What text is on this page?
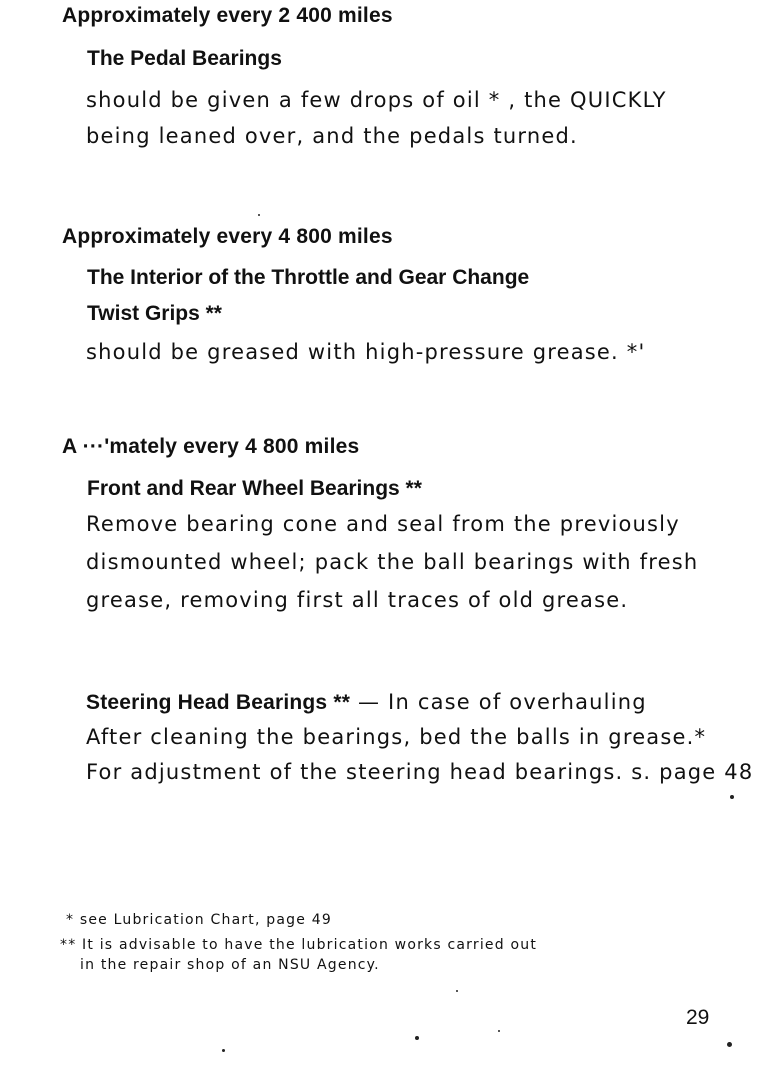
Approximately every 2 400 miles
The Pedal Bearings
should be given a few drops of oil * , the QUICKLY
being leaned over, and the pedals turned.
Approximately every 4 800 miles
The Interior of the Throttle and Gear Change
Twist Grips **
should be greased with high-pressure grease. *'
A ···'mately every 4 800 miles
Front and Rear Wheel Bearings **
Remove bearing cone and seal from the previously
dismounted wheel; pack the ball bearings with fresh
grease, removing first all traces of old grease.
Steering Head Bearings ** — In case of overhauling
After cleaning the bearings, bed the balls in grease.*
For adjustment of the steering head bearings. s. page 48
* see Lubrication Chart, page 49
** It is advisable to have the lubrication works carried out
in the repair shop of an NSU Agency.
29
